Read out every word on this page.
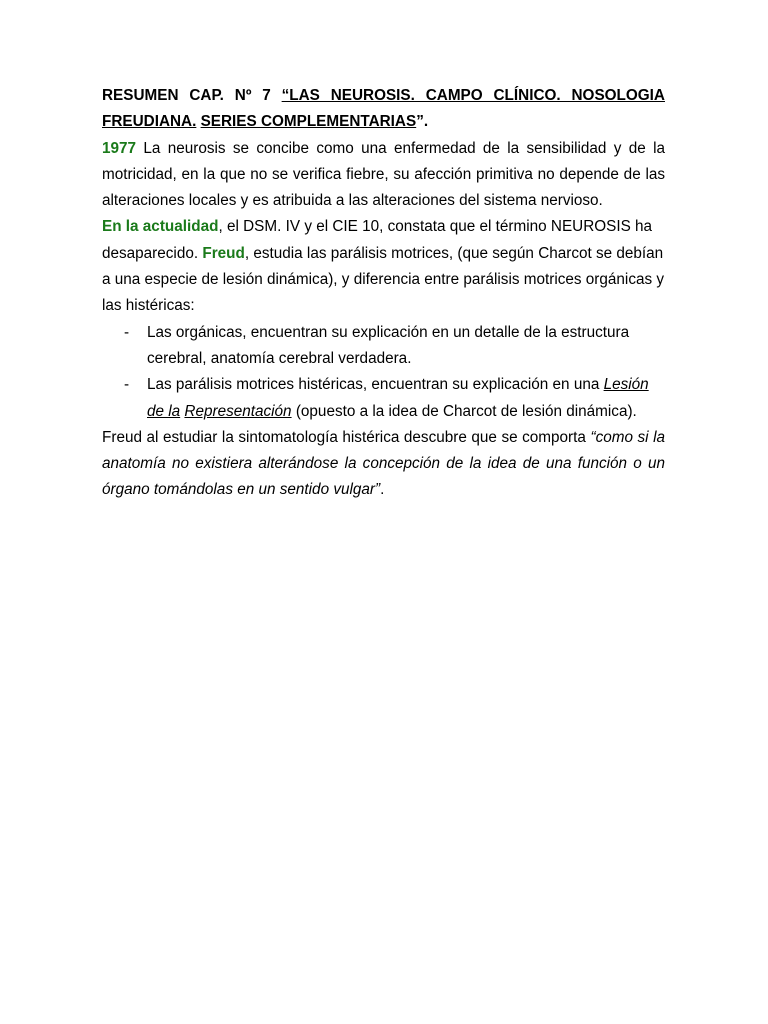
RESUMEN CAP. Nº 7 “LAS NEUROSIS. CAMPO CLÍNICO. NOSOLOGIA FREUDIANA. SERIES COMPLEMENTARIAS”.

1977 La neurosis se concibe como una enfermedad de la sensibilidad y de la motricidad, en la que no se verifica fiebre, su afección primitiva no depende de las alteraciones locales y es atribuida a las alteraciones del sistema nervioso.

En la actualidad, el DSM. IV y el CIE 10, constata que el término NEUROSIS ha desaparecido. Freud, estudia las parálisis motrices, (que según Charcot se debían a una especie de lesión dinámica), y diferencia entre parálisis motrices orgánicas y las histéricas:

- Las orgánicas, encuentran su explicación en un detalle de la estructura cerebral, anatomía cerebral verdadera.
- Las parálisis motrices histéricas, encuentran su explicación en una Lesión de la Representación (opuesto a la idea de Charcot de lesión dinámica).

Freud al estudiar la sintomatología histérica descubre que se comporta “como si la anatomía no existiera alterándose la concepción de la idea de una función o un órgano tomándolas en un sentido vulgar”.
